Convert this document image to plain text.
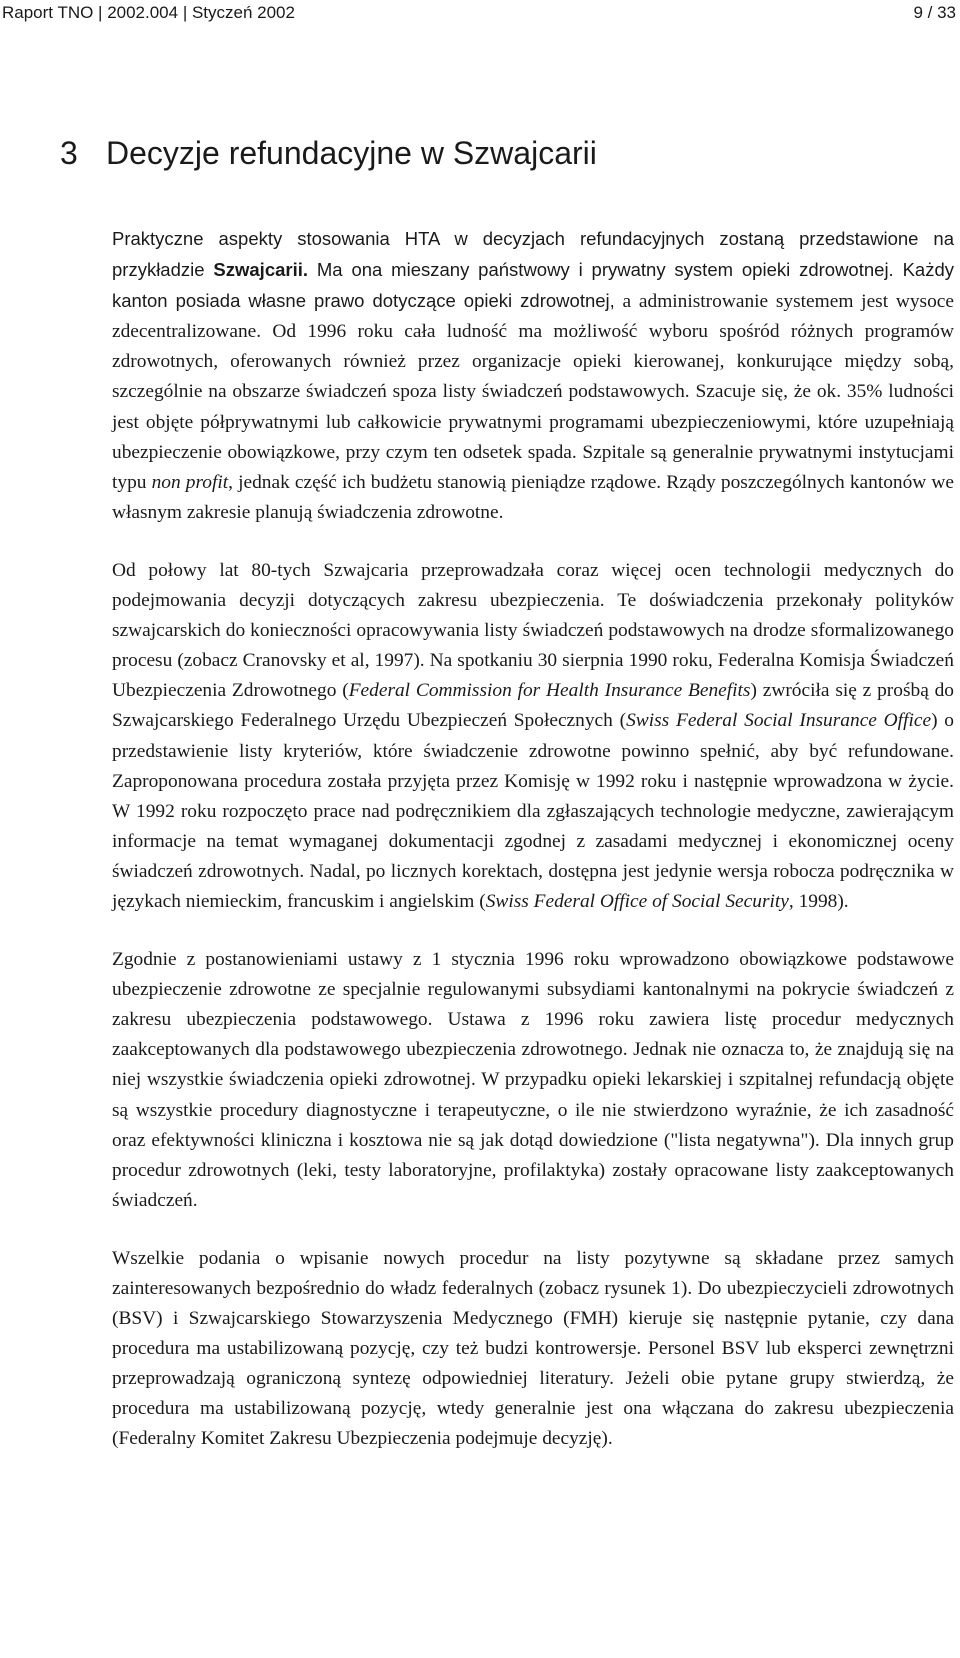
Raport TNO | 2002.004 | Styczeń 2002	9 / 33
3 Decyzje refundacyjne w Szwajcarii

Praktyczne aspekty stosowania HTA w decyzjach refundacyjnych zostaną przedstawione na przykładzie Szwajcarii. Ma ona mieszany państwowy i prywatny system opieki zdrowotnej. Każdy kanton posiada własne prawo dotyczące opieki zdrowotnej, a administrowanie systemem jest wysoce zdecentralizowane. Od 1996 roku cała ludność ma możliwość wyboru spośród różnych programów zdrowotnych, oferowanych również przez organizacje opieki kierowanej, konkurujące między sobą, szczególnie na obszarze świadczeń spoza listy świadczeń podstawowych. Szacuje się, że ok. 35% ludności jest objęte półprywatnymi lub całkowicie prywatnymi programami ubezpieczeniowymi, które uzupełniają ubezpieczenie obowiązkowe, przy czym ten odsetek spada. Szpitale są generalnie prywatnymi instytucjami typu non profit, jednak część ich budżetu stanowią pieniądze rządowe. Rządy poszczególnych kantonów we własnym zakresie planują świadczenia zdrowotne.

Od połowy lat 80-tych Szwajcaria przeprowadzała coraz więcej ocen technologii medycznych do podejmowania decyzji dotyczących zakresu ubezpieczenia. Te doświadczenia przekonały polityków szwajcarskich do konieczności opracowywania listy świadczeń podstawowych na drodze sformalizowanego procesu (zobacz Cranovsky et al, 1997). Na spotkaniu 30 sierpnia 1990 roku, Federalna Komisja Świadczeń Ubezpieczenia Zdrowotnego (Federal Commission for Health Insurance Benefits) zwróciła się z prośbą do Szwajcarskiego Federalnego Urzędu Ubezpieczeń Społecznych (Swiss Federal Social Insurance Office) o przedstawienie listy kryteriów, które świadczenie zdrowotne powinno spełnić, aby być refundowane. Zaproponowana procedura została przyjęta przez Komisję w 1992 roku i następnie wprowadzona w życie. W 1992 roku rozpoczęto prace nad podręcznikiem dla zgłaszających technologie medyczne, zawierającym informacje na temat wymaganej dokumentacji zgodnej z zasadami medycznej i ekonomicznej oceny świadczeń zdrowotnych. Nadal, po licznych korektach, dostępna jest jedynie wersja robocza podręcznika w językach niemieckim, francuskim i angielskim (Swiss Federal Office of Social Security, 1998).

Zgodnie z postanowieniami ustawy z 1 stycznia 1996 roku wprowadzono obowiązkowe podstawowe ubezpieczenie zdrowotne ze specjalnie regulowanymi subsydiami kantonalnymi na pokrycie świadczeń z zakresu ubezpieczenia podstawowego. Ustawa z 1996 roku zawiera listę procedur medycznych zaakceptowanych dla podstawowego ubezpieczenia zdrowotnego. Jednak nie oznacza to, że znajdują się na niej wszystkie świadczenia opieki zdrowotnej. W przypadku opieki lekarskiej i szpitalnej refundacją objęte są wszystkie procedury diagnostyczne i terapeutyczne, o ile nie stwierdzono wyraźnie, że ich zasadność oraz efektywności kliniczna i kosztowa nie są jak dotąd dowiedzione ("lista negatywna"). Dla innych grup procedur zdrowotnych (leki, testy laboratoryjne, profilaktyka) zostały opracowane listy zaakceptowanych świadczeń.

Wszelkie podania o wpisanie nowych procedur na listy pozytywne są składane przez samych zainteresowanych bezpośrednio do władz federalnych (zobacz rysunek 1). Do ubezpieczycieli zdrowotnych (BSV) i Szwajcarskiego Stowarzyszenia Medycznego (FMH) kieruje się następnie pytanie, czy dana procedura ma ustabilizowaną pozycję, czy też budzi kontrowersje. Personel BSV lub eksperci zewnętrzni przeprowadzają ograniczoną syntezę odpowiedniej literatury. Jeżeli obie pytane grupy stwierdzą, że procedura ma ustabilizowaną pozycję, wtedy generalnie jest ona włączana do zakresu ubezpieczenia (Federalny Komitet Zakresu Ubezpieczenia podejmuje decyzję).
